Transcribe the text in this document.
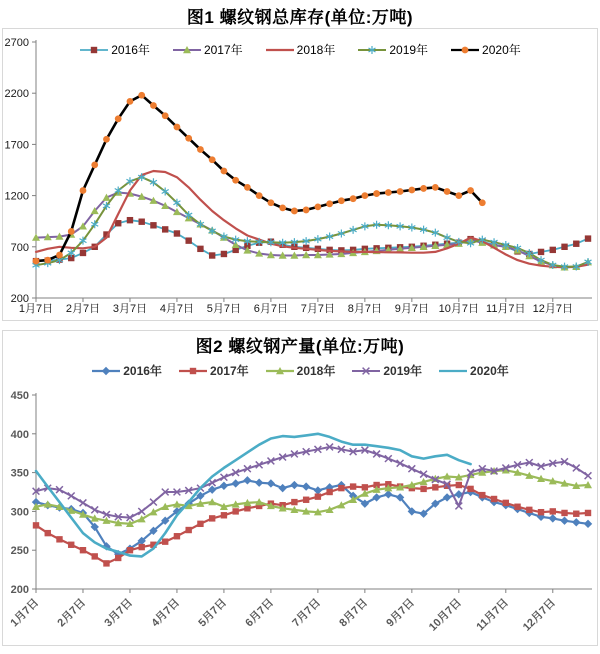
图1 螺纹钢总库存(单位:万吨)
2016年	2017年	2018年	2019年	2020年
200
700
1200
1700
2200
2700
1月7日 2月7日 3月7日 4月7日 5月7日 6月7日 7月7日 8月7日 9月7日 10月7日 11月7日 12月7日
图2 螺纹钢产量(单位:万吨)
2016年	2017年	2018年	2019年	2020年
200
250
300
350
400
450
1月7日 2月7日 3月7日 4月7日 5月7日 6月7日 7月7日 8月7日 9月7日 10月7日 11月7日 12月7日
